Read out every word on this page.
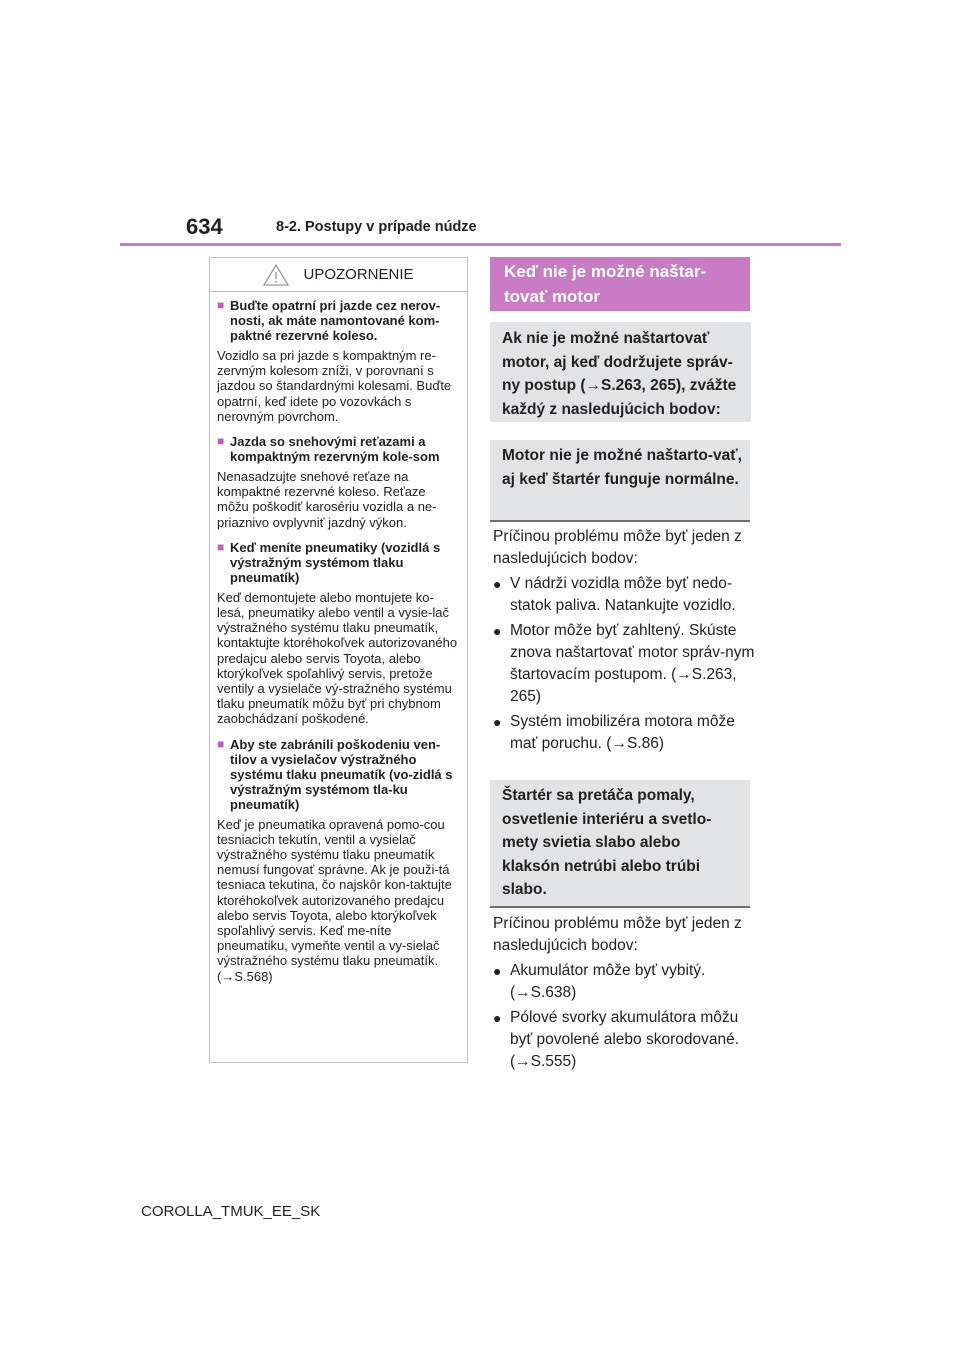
634	8-2. Postupy v prípade núdze
UPOZORNENIE
■ Buďte opatrní pri jazde cez nerov-nosti, ak máte namontované kom-paktné rezervné koleso.
Vozidlo sa pri jazde s kompaktným re-zervným kolesom zníži, v porovnaní s jazdou so štandardnými kolesami. Buďte opatrní, keď idete po vozovkách s nerovným povrchom.
■ Jazda so snehovými reťazami a kompaktným rezervným kole-som
Nenasadzujte snehové reťaze na kompaktné rezervné koleso. Reťaze môžu poškodiť karosériu vozidla a ne-priaznivo ovplyvniť jazdný výkon.
■ Keď meníte pneumatiky (vozidlá s výstražným systémom tlaku pneumatík)
Keď demontujete alebo montujete ko-lesá, pneumatiky alebo ventil a vysie-lač výstražného systému tlaku pneumatík, kontaktujte ktoréhokoľvek autorizovaného predajcu alebo servis Toyota, alebo ktorýkoľvek spoľahlivý servis, pretože ventily a vysielače vý-stražného systému tlaku pneumatík môžu byť pri chybnom zaobchádzaní poškodené.
■ Aby ste zabránili poškodeniu ven-tilov a vysielačov výstražného systému tlaku pneumatík (vo-zidlá s výstražným systémom tla-ku pneumatík)
Keď je pneumatika opravená pomo-cou tesniacich tekutín, ventil a vysielač výstražného systému tlaku pneumatík nemusí fungovať správne. Ak je použi-tá tesniaca tekutina, čo najskôr kon-taktujte ktoréhokoľvek autorizovaného predajcu alebo servis Toyota, alebo ktorýkoľvek spoľahlivý servis. Keď me-níte pneumatiku, vymeňte ventil a vy-sielač výstražného systému tlaku pneumatík. (→S.568)
Keď nie je možné naštar-tovať motor
Ak nie je možné naštartovať motor, aj keď dodržujete správ-ny postup (→S.263, 265), zvážte každý z nasledujúcich bodov:
Motor nie je možné naštarto-vať, aj keď štartér funguje normálne.
Príčinou problému môže byť jeden z nasledujúcich bodov:
● V nádrži vozidla môže byť nedo-statok paliva. Natankujte vozidlo.
● Motor môže byť zahltený. Skúste znova naštartovať motor správ-nym štartovacím postupom. (→S.263, 265)
● Systém imobilizéra motora môže mať poruchu. (→S.86)
Štartér sa pretáča pomaly, osvetlenie interiéru a svetlo-mety svietia slabo alebo klaksón netrúbi alebo trúbi slabo.
Príčinou problému môže byť jeden z nasledujúcich bodov:
● Akumulátor môže byť vybitý. (→S.638)
● Pólové svorky akumulátora môžu byť povolené alebo skorodované. (→S.555)
COROLLA_TMUK_EE_SK
